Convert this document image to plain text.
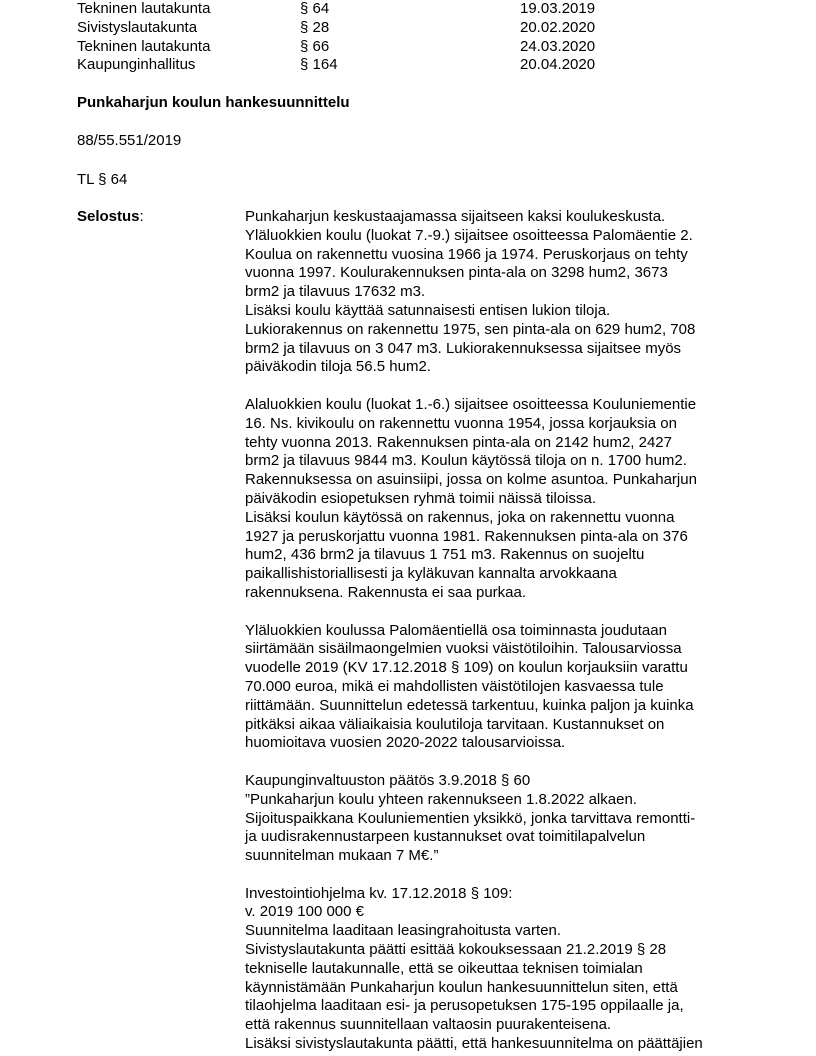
Tekninen lautakunta	§ 64	19.03.2019
Sivistyslautakunta	§ 28	20.02.2020
Tekninen lautakunta	§ 66	24.03.2020
Kaupunginhallitus	§ 164	20.04.2020
Punkaharjun koulun hankesuunnittelu
88/55.551/2019
TL § 64
Selostus:	Punkaharjun keskustaajamassa sijaitseen kaksi koulukeskusta.
Yläluokkien koulu (luokat 7.-9.) sijaitsee osoitteessa Palomäentie 2.
Koulua on rakennettu vuosina 1966 ja 1974. Peruskorjaus on tehty
vuonna 1997. Koulurakennuksen pinta-ala on 3298 hum2, 3673
brm2 ja tilavuus 17632 m3.
Lisäksi koulu käyttää satunnaisesti entisen lukion tiloja.
Lukiorakennus on rakennettu 1975, sen pinta-ala on 629 hum2, 708
brm2 ja tilavuus on 3 047 m3. Lukiorakennuksessa sijaitsee myös
päiväkodin tiloja 56.5 hum2.
Alaluokkien koulu (luokat 1.-6.) sijaitsee osoitteessa Kouluniementie
16. Ns. kivikoulu on rakennettu vuonna 1954, jossa korjauksia on
tehty vuonna 2013. Rakennuksen pinta-ala on 2142 hum2, 2427
brm2 ja tilavuus 9844 m3. Koulun käytössä tiloja on n. 1700 hum2.
Rakennuksessa on asuinsiipi, jossa on kolme asuntoa. Punkaharjun
päiväkodin esiopetuksen ryhmä toimii näissä tiloissa.
Lisäksi koulun käytössä on rakennus, joka on rakennettu vuonna
1927 ja peruskorjattu vuonna 1981. Rakennuksen pinta-ala on 376
hum2, 436 brm2 ja tilavuus 1 751 m3. Rakennus on suojeltu
paikallishistoriallisesti ja kyläkuvan kannalta arvokkaana
rakennuksena. Rakennusta ei saa purkaa.
Yläluokkien koulussa Palomäentiellä osa toiminnasta joudutaan
siirtämään sisäilmaongelmien vuoksi väistötiloihin. Talousarviossa
vuodelle 2019 (KV 17.12.2018 § 109) on koulun korjauksiin varattu
70.000 euroa, mikä ei mahdollisten väistötilojen kasvaessa tule
riittämään. Suunnittelun edetessä tarkentuu, kuinka paljon ja kuinka
pitkäksi aikaa väliaikaisia koulutiloja tarvitaan. Kustannukset on
huomioitava vuosien 2020-2022 talousarvioissa.
Kaupunginvaltuuston päätös 3.9.2018 § 60
”Punkaharjun koulu yhteen rakennukseen 1.8.2022 alkaen.
Sijoituspaikkana Kouluniementien yksikkö, jonka tarvittava remontti-
ja uudisrakennustarpeen kustannukset ovat toimitilapalvelun
suunnitelman mukaan 7 M€.”
Investointiohjelma kv. 17.12.2018 § 109:
v. 2019 100 000 €
Suunnitelma laaditaan leasingrahoitusta varten.
Sivistyslautakunta päätti esittää kokouksessaan 21.2.2019 § 28
tekniselle lautakunnalle, että se oikeuttaa teknisen toimialan
käynnistämään Punkaharjun koulun hankesuunnittelun siten, että
tilaohjelma laaditaan esi- ja perusopetuksen 175-195 oppilaalle ja,
että rakennus suunnitellaan valtaosin puurakenteisena.
Lisäksi sivistyslautakunta päätti, että hankesuunnitelma on päättäjien
